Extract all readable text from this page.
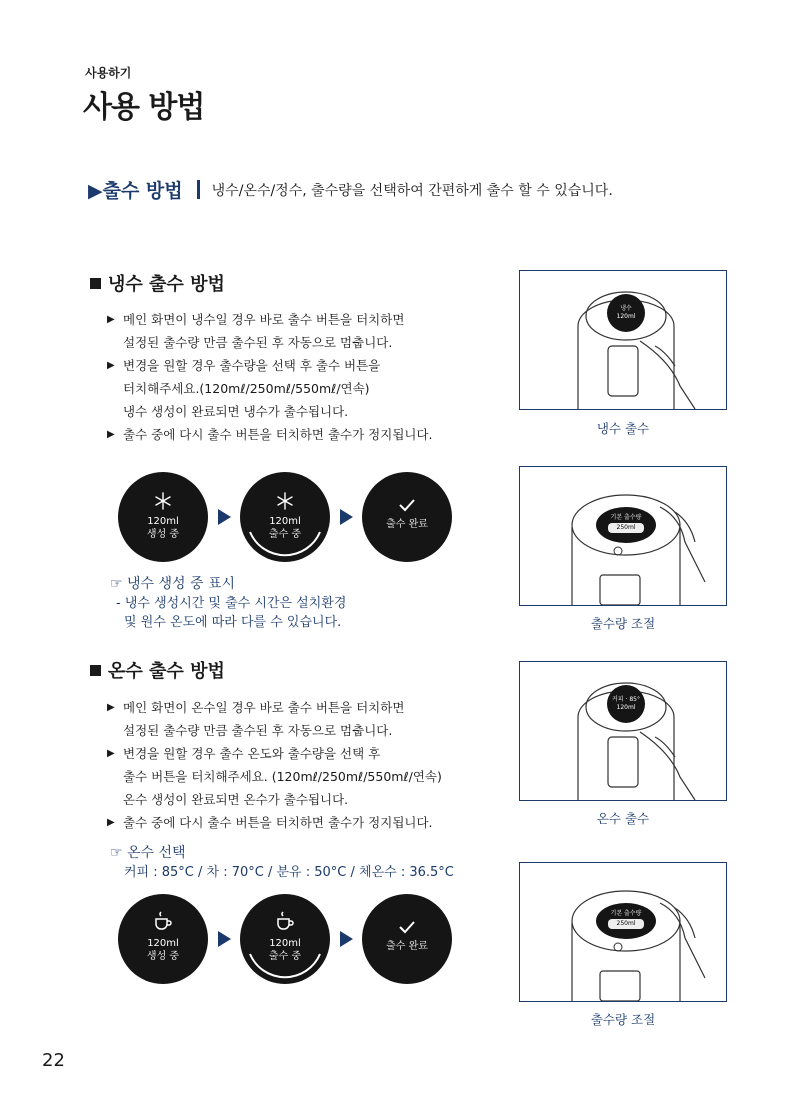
사용하기
사용 방법
▶출수 방법 냉수/온수/정수, 출수량을 선택하여 간편하게 출수 할 수 있습니다.
냉수 출수 방법
▶ 메인 화면이 냉수일 경우 바로 출수 버튼을 터치하면
설정된 출수량 만큼 출수된 후 자동으로 멈춥니다.
▶ 변경을 원할 경우 출수량을 선택 후 출수 버튼을
터치해주세요.(120mℓ/250mℓ/550mℓ/연속)
냉수 생성이 완료되면 냉수가 출수됩니다.
▶ 출수 중에 다시 출수 버튼을 터치하면 출수가 정지됩니다.
120ml
생성 중
120ml
출수 중
출수 완료
☞ 냉수 생성 중 표시
- 냉수 생성시간 및 출수 시간은 설치환경
및 원수 온도에 따라 다를 수 있습니다.
온수 출수 방법
▶ 메인 화면이 온수일 경우 바로 출수 버튼을 터치하면
설정된 출수량 만큼 출수된 후 자동으로 멈춥니다.
▶ 변경을 원할 경우 출수 온도와 출수량을 선택 후
출수 버튼을 터치해주세요. (120mℓ/250mℓ/550mℓ/연속)
온수 생성이 완료되면 온수가 출수됩니다.
▶ 출수 중에 다시 출수 버튼을 터치하면 출수가 정지됩니다.
☞ 온수 선택
커피 : 85°C / 차 : 70°C / 분유 : 50°C / 체온수 : 36.5°C
120ml
생성 중
120ml
출수 중
출수 완료
냉수
120ml
냉수 출수
기본 출수량
250ml
출수량 조절
커피 · 85°
120ml
온수 출수
기본 출수량
250ml
출수량 조절
22
